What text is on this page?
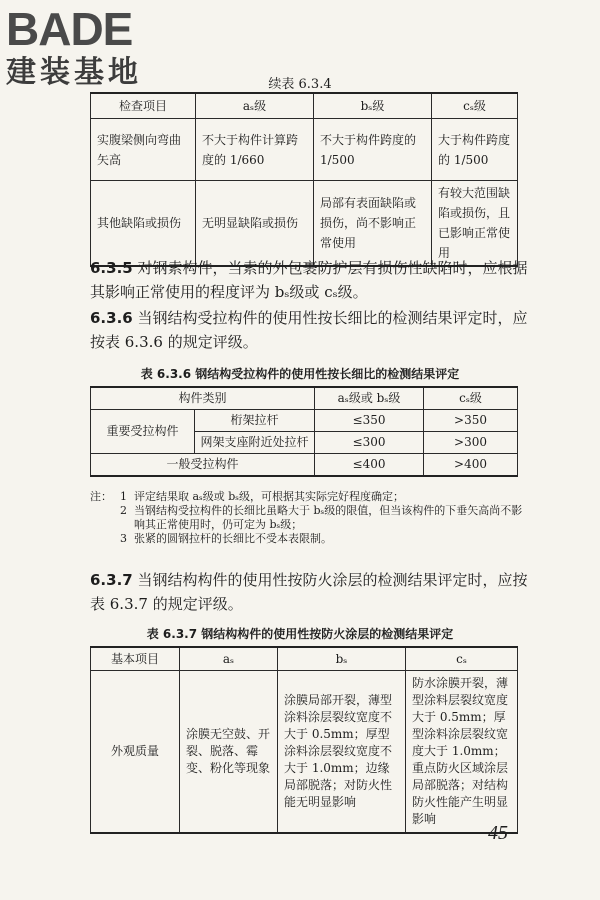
BADE
建装基地	续表 6.3.4
检查项目	aₛ级	bₛ级	cₛ级
实腹梁侧向弯曲矢高	不大于构件计算跨度的 1/660	不大于构件跨度的 1/500	大于构件跨度的 1/500
其他缺陷或损伤	无明显缺陷或损伤	局部有表面缺陷或损伤，尚不影响正常使用	有较大范围缺陷或损伤，且已影响正常使用
6.3.5 对钢索构件，当索的外包裹防护层有损伤性缺陷时，应根据其影响正常使用的程度评为 bₛ级或 cₛ级。
6.3.6 当钢结构受拉构件的使用性按长细比的检测结果评定时，应按表 6.3.6 的规定评级。
表 6.3.6 钢结构受拉构件的使用性按长细比的检测结果评定
构件类别		aₛ级或 bₛ级	cₛ级
重要受拉构件	桁架拉杆	≤350	>350
	网架支座附近处拉杆	≤300	>300
一般受拉构件		≤400	>400
注： 1 评定结果取 aₛ级或 bₛ级，可根据其实际完好程度确定；
2 当钢结构受拉构件的长细比虽略大于 bₛ级的限值，但当该构件的下垂矢高尚不影响其正常使用时，仍可定为 bₛ级；
3 张紧的圆钢拉杆的长细比不受本表限制。
6.3.7 当钢结构构件的使用性按防火涂层的检测结果评定时，应按表 6.3.7 的规定评级。
表 6.3.7 钢结构构件的使用性按防火涂层的检测结果评定
基本项目	aₛ	bₛ	cₛ
外观质量	涂膜无空鼓、开裂、脱落、霉变、粉化等现象	涂膜局部开裂，薄型涂料涂层裂纹宽度不大于 0.5mm；厚型涂料涂层裂纹宽度不大于 1.0mm；边缘局部脱落；对防火性能无明显影响	防水涂膜开裂，薄型涂料层裂纹宽度大于 0.5mm；厚型涂料涂层裂纹宽度大于 1.0mm；重点防火区域涂层局部脱落；对结构防火性能产生明显影响
45
